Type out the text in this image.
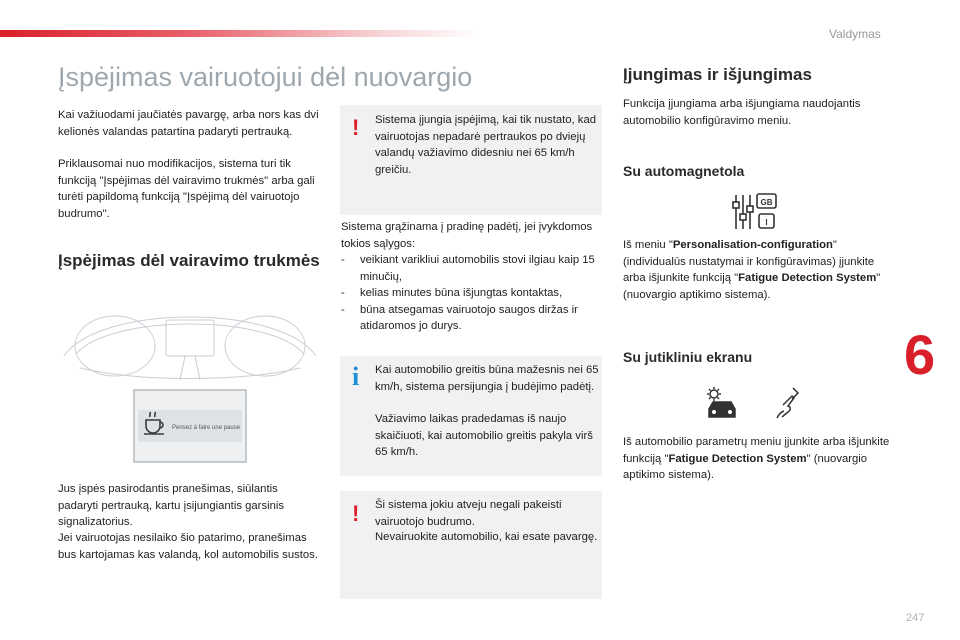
Valdymas
Įspėjimas vairuotojui dėl nuovargio

Kai važiuodami jaučiatės pavargę, arba nors kas dvi kelionės valandas patartina padaryti pertrauką.

Priklausomai nuo modifikacijos, sistema turi tik funkciją "Įspėjimas dėl vairavimo trukmės" arba gali turėti papildomą funkciją "Įspėjimą dėl vairuotojo budrumo".

Įspėjimas dėl vairavimo trukmės
Pensez à faire une pause

Jus įspės pasirodantis pranešimas, siūlantis padaryti pertrauką, kartu įsijungiantis garsinis signalizatorius.

Jei vairuotojas nesilaiko šio patarimo, pranešimas bus kartojamas kas valandą, kol automobilis sustos.

! Sistema įjungia įspėjimą, kai tik nustato, kad vairuotojas nepadarė pertraukos po dviejų valandų važiavimo didesniu nei 65 km/h greičiu.

Sistema grąžinama į pradinę padėtį, jei įvykdomos tokios sąlygos:

- veikiant varikliui automobilis stovi ilgiau kaip 15 minučių,
- kelias minutes būna išjungtas kontaktas,
- būna atsegamas vairuotojo saugos diržas ir atidaromos jo durys.
i Kai automobilio greitis būna mažesnis nei 65 km/h, sistema persijungia į budėjimo padėtį.

Važiavimo laikas pradedamas iš naujo skaičiuoti, kai automobilio greitis pakyla virš 65 km/h.

! Ši sistema jokiu atveju negali pakeisti vairuotojo budrumo.

Nevairuokite automobilio, kai esate pavargę.

Įjungimas ir išjungimas

Funkcija įjungiama arba išjungiama naudojantis automobilio konfigūravimo meniu.

Su automagnetola
GB
I

Iš meniu "Personalisation-configuration" (individualūs nustatymai ir konfigūravimas) įjunkite arba išjunkite funkciją "Fatigue Detection System" (nuovargio aptikimo sistema).

Su jutikliniu ekranu

Iš automobilio parametrų meniu įjunkite arba išjunkite funkciją "Fatigue Detection System" (nuovargio aptikimo sistema).

6
247
